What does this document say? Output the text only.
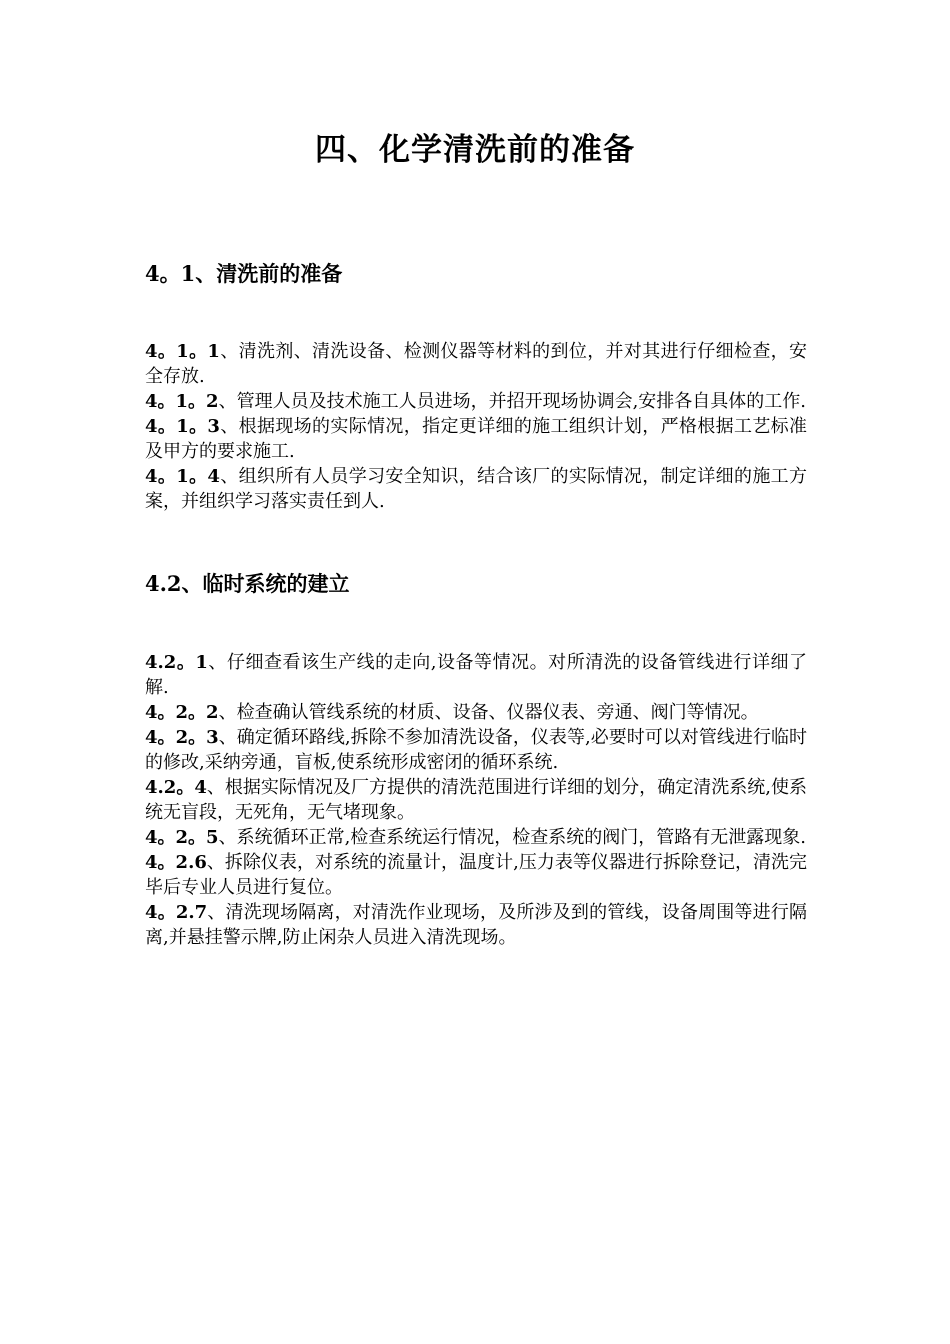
四、化学清洗前的准备
4。1、清洗前的准备

4。1。1、清洗剂、清洗设备、检测仪器等材料的到位，并对其进行仔细检查，安全存放.

4。1。2、管理人员及技术施工人员进场，并招开现场协调会,安排各自具体的工作.

4。1。3、根据现场的实际情况，指定更详细的施工组织计划，严格根据工艺标准及甲方的要求施工.

4。1。4、组织所有人员学习安全知识，结合该厂的实际情况，制定详细的施工方案，并组织学习落实责任到人.

4.2、临时系统的建立

4.2。1、仔细查看该生产线的走向,设备等情况。对所清洗的设备管线进行详细了解.

4。2。2、检查确认管线系统的材质、设备、仪器仪表、旁通、阀门等情况。

4。2。3、确定循环路线,拆除不参加清洗设备，仪表等,必要时可以对管线进行临时的修改,采纳旁通，盲板,使系统形成密闭的循环系统.

4.2。4、根据实际情况及厂方提供的清洗范围进行详细的划分，确定清洗系统,使系统无盲段，无死角，无气堵现象。

4。2。5、系统循环正常,检查系统运行情况，检查系统的阀门，管路有无泄露现象.

4。2.6、拆除仪表，对系统的流量计，温度计,压力表等仪器进行拆除登记，清洗完毕后专业人员进行复位。

4。2.7、清洗现场隔离，对清洗作业现场，及所涉及到的管线，设备周围等进行隔离,并悬挂警示牌,防止闲杂人员进入清洗现场。
